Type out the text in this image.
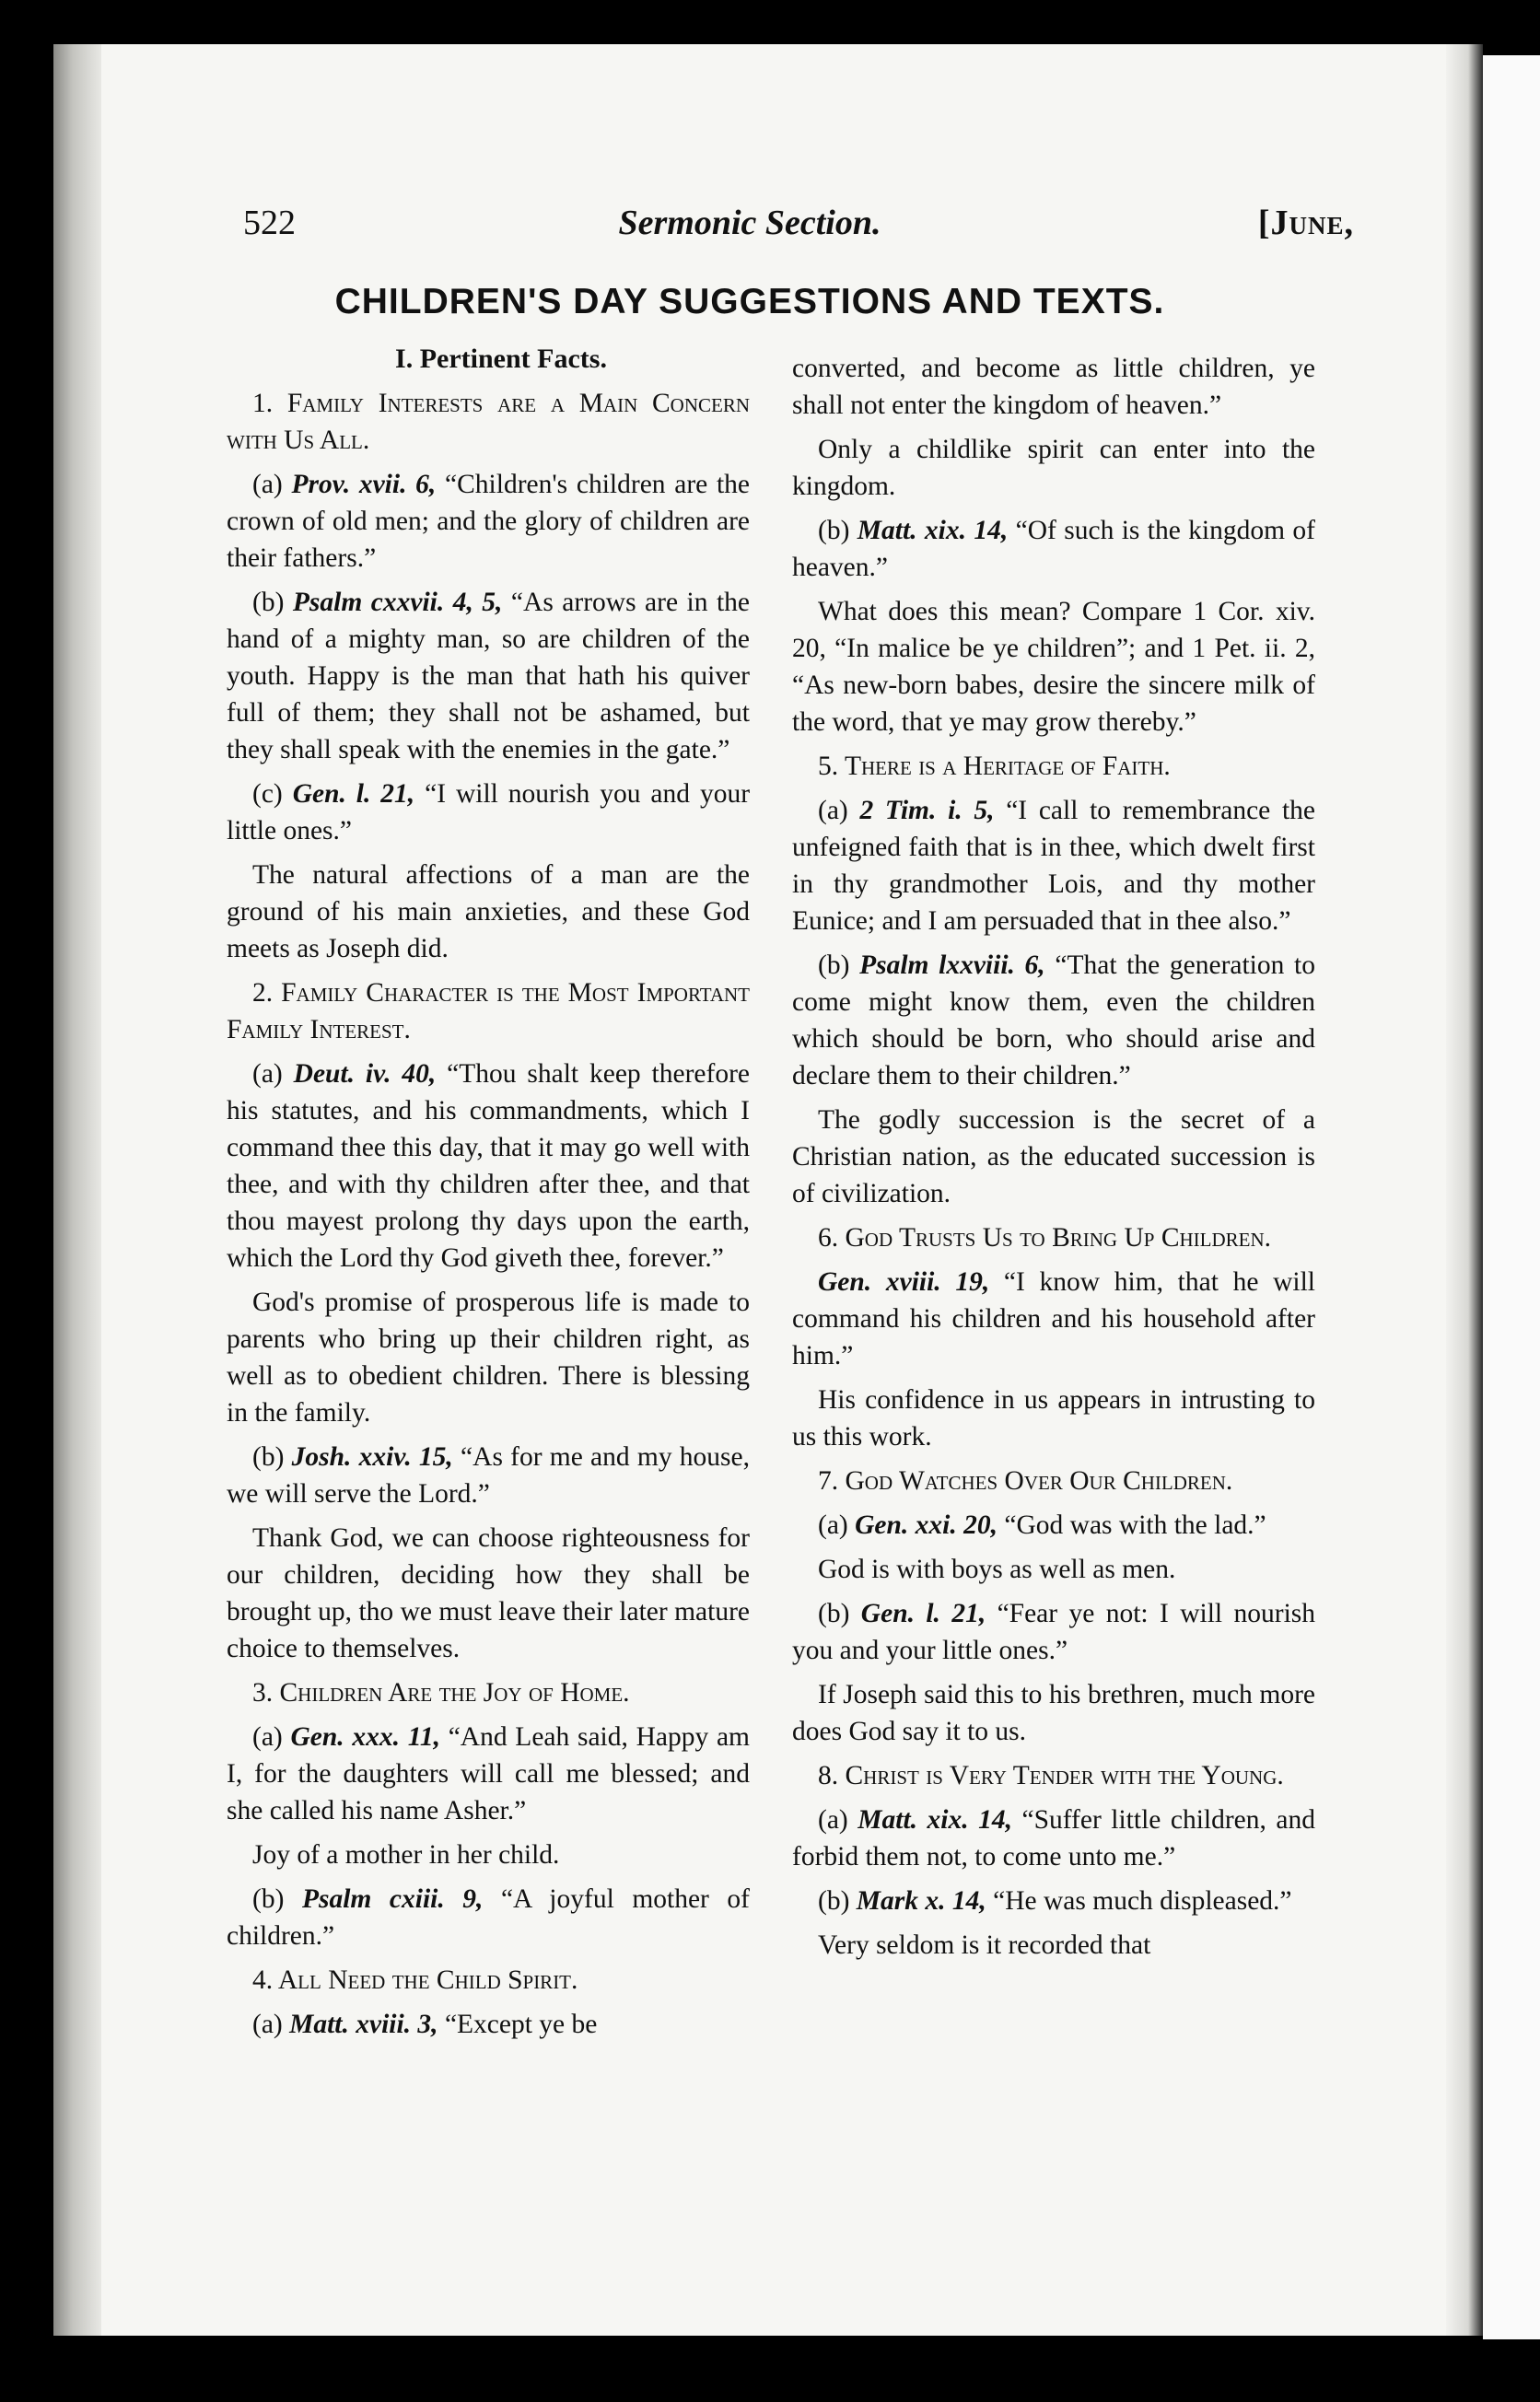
522	Sermonic Section.	[June,
CHILDREN'S DAY SUGGESTIONS AND TEXTS.

I. Pertinent Facts.

1. Family Interests are a Main Concern with Us All.

(a) Prov. xvii. 6, “Children's children are the crown of old men; and the glory of children are their fathers.”

(b) Psalm cxxvii. 4, 5, “As arrows are in the hand of a mighty man, so are children of the youth. Happy is the man that hath his quiver full of them; they shall not be ashamed, but they shall speak with the enemies in the gate.”

(c) Gen. l. 21, “I will nourish you and your little ones.”

The natural affections of a man are the ground of his main anxieties, and these God meets as Joseph did.

2. Family Character is the Most Important Family Interest.

(a) Deut. iv. 40, “Thou shalt keep therefore his statutes, and his commandments, which I command thee this day, that it may go well with thee, and with thy children after thee, and that thou mayest prolong thy days upon the earth, which the Lord thy God giveth thee, forever.”

God's promise of prosperous life is made to parents who bring up their children right, as well as to obedient children. There is blessing in the family.

(b) Josh. xxiv. 15, “As for me and my house, we will serve the Lord.”

Thank God, we can choose righteousness for our children, deciding how they shall be brought up, tho we must leave their later mature choice to themselves.

3. Children Are the Joy of Home.

(a) Gen. xxx. 11, “And Leah said, Happy am I, for the daughters will call me blessed; and she called his name Asher.”

Joy of a mother in her child.

(b) Psalm cxiii. 9, “A joyful mother of children.”

4. All Need the Child Spirit.

(a) Matt. xviii. 3, “Except ye be

converted, and become as little children, ye shall not enter the kingdom of heaven.”

Only a childlike spirit can enter into the kingdom.

(b) Matt. xix. 14, “Of such is the kingdom of heaven.”

What does this mean? Compare 1 Cor. xiv. 20, “In malice be ye children”; and 1 Pet. ii. 2, “As new-born babes, desire the sincere milk of the word, that ye may grow thereby.”

5. There is a Heritage of Faith.

(a) 2 Tim. i. 5, “I call to remembrance the unfeigned faith that is in thee, which dwelt first in thy grandmother Lois, and thy mother Eunice; and I am persuaded that in thee also.”

(b) Psalm lxxviii. 6, “That the generation to come might know them, even the children which should be born, who should arise and declare them to their children.”

The godly succession is the secret of a Christian nation, as the educated succession is of civilization.

6. God Trusts Us to Bring Up Children.

Gen. xviii. 19, “I know him, that he will command his children and his household after him.”

His confidence in us appears in intrusting to us this work.

7. God Watches Over Our Children.

(a) Gen. xxi. 20, “God was with the lad.”

God is with boys as well as men.

(b) Gen. l. 21, “Fear ye not: I will nourish you and your little ones.”

If Joseph said this to his brethren, much more does God say it to us.

8. Christ is Very Tender with the Young.

(a) Matt. xix. 14, “Suffer little children, and forbid them not, to come unto me.”

(b) Mark x. 14, “He was much displeased.”

Very seldom is it recorded that
